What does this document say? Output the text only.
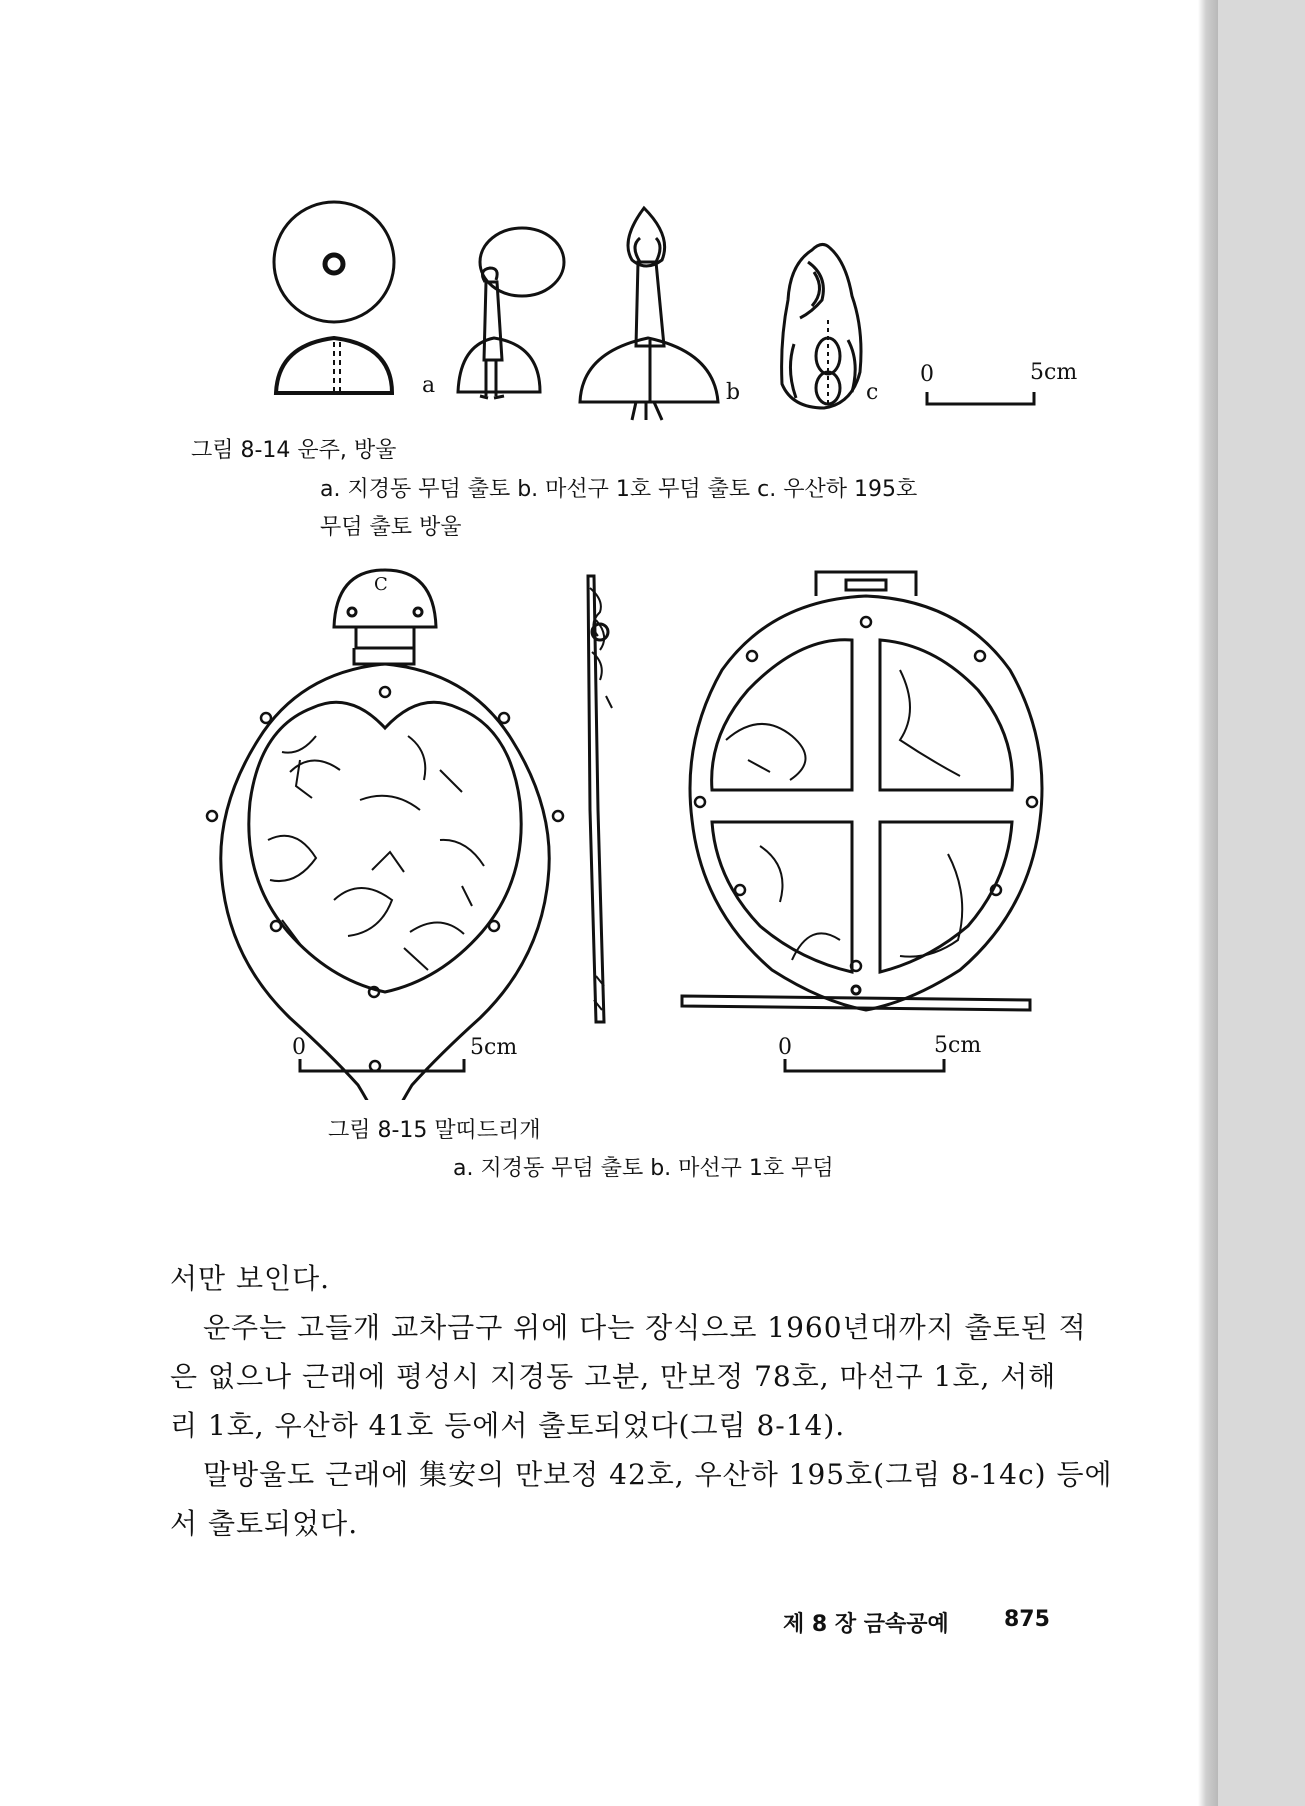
a	b	c
0	5cm
그림 8-14 운주, 방울
a. 지경동 무덤 출토 b. 마선구 1호 무덤 출토 c. 우산하 195호
무덤 출토 방울
C
0	5cm	0	5cm
그림 8-15 말띠드리개
a. 지경동 무덤 출토 b. 마선구 1호 무덤
서만 보인다.
운주는 고들개 교차금구 위에 다는 장식으로 1960년대까지 출토된 적
은 없으나 근래에 평성시 지경동 고분, 만보정 78호, 마선구 1호, 서해
리 1호, 우산하 41호 등에서 출토되었다(그림 8-14).
말방울도 근래에 集安의 만보정 42호, 우산하 195호(그림 8-14c) 등에
서 출토되었다.
제 8 장 금속공예	875
